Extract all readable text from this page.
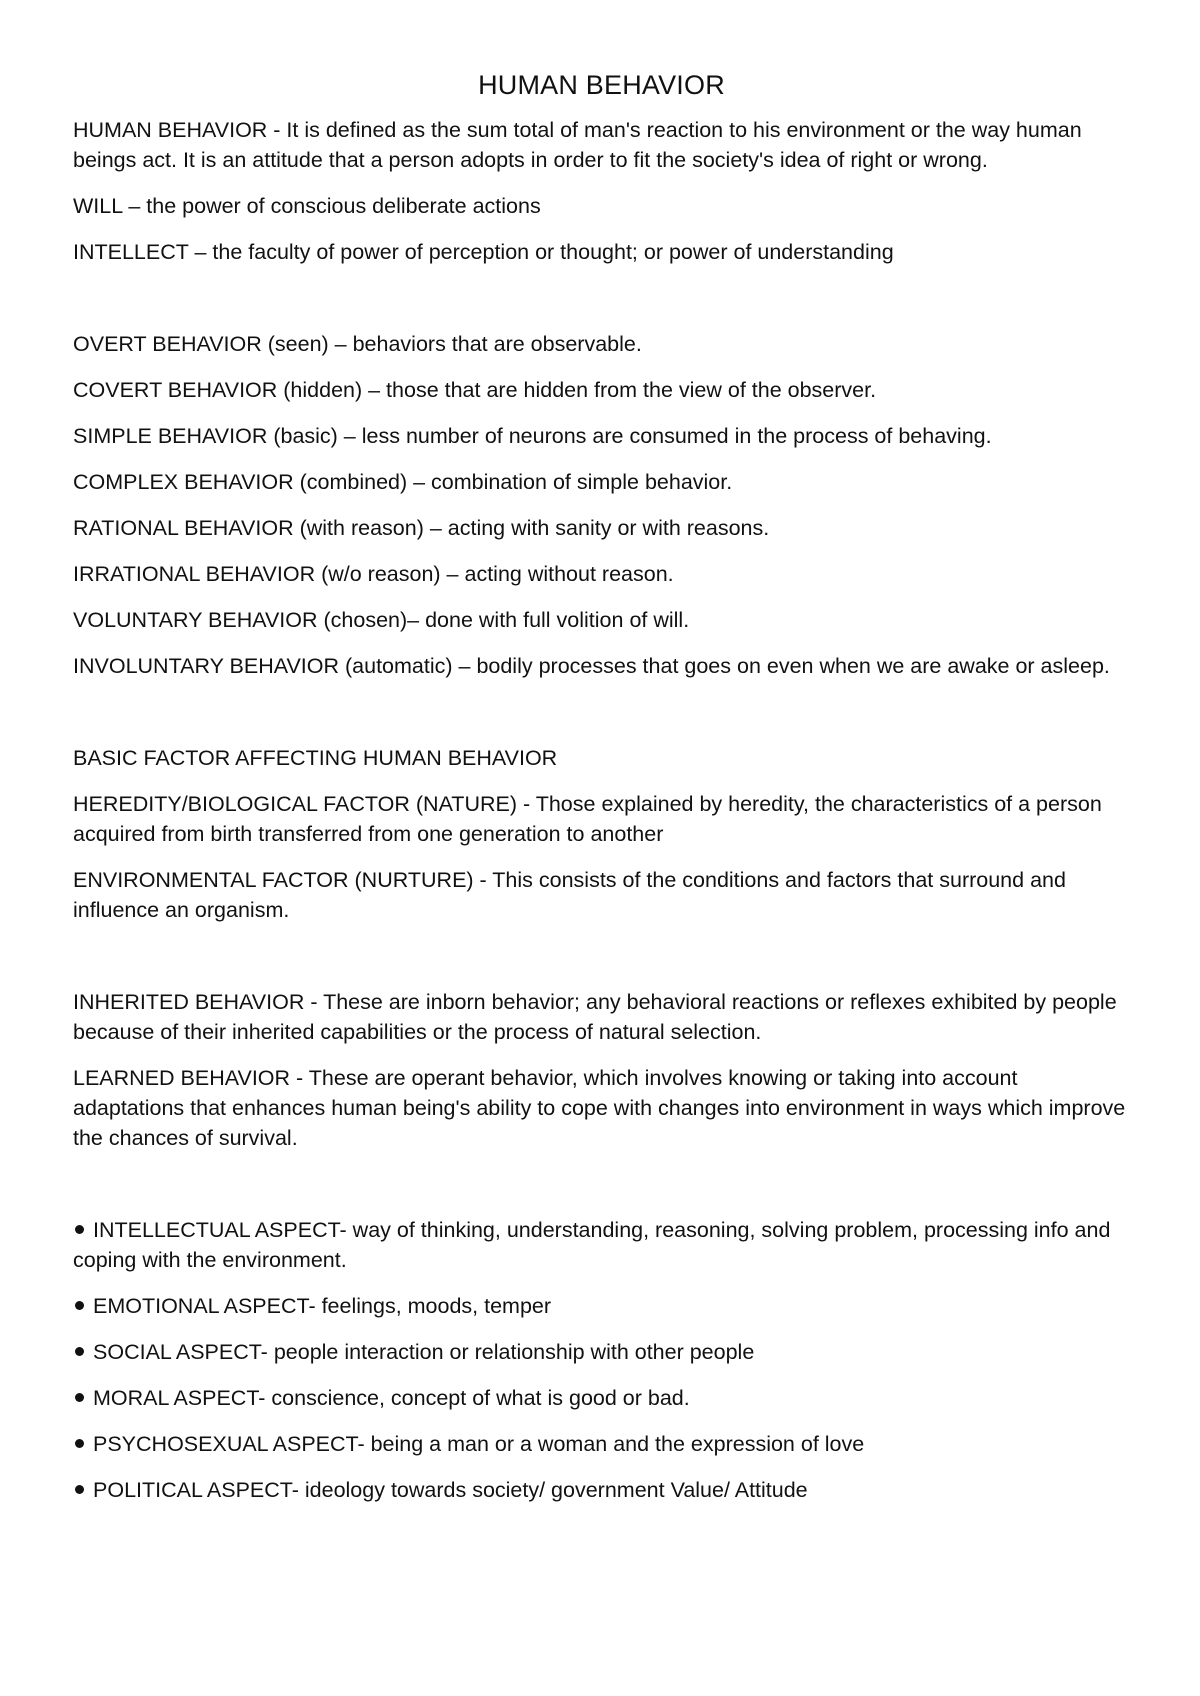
HUMAN BEHAVIOR

HUMAN BEHAVIOR - It is defined as the sum total of man's reaction to his environment or the way human beings act. It is an attitude that a person adopts in order to fit the society's idea of right or wrong.

WILL – the power of conscious deliberate actions

INTELLECT – the faculty of power of perception or thought; or power of understanding

OVERT BEHAVIOR (seen) – behaviors that are observable.

COVERT BEHAVIOR (hidden) – those that are hidden from the view of the observer.

SIMPLE BEHAVIOR (basic) – less number of neurons are consumed in the process of behaving.

COMPLEX BEHAVIOR (combined) – combination of simple behavior.

RATIONAL BEHAVIOR (with reason) – acting with sanity or with reasons.

IRRATIONAL BEHAVIOR (w/o reason) – acting without reason.

VOLUNTARY BEHAVIOR (chosen)– done with full volition of will.

INVOLUNTARY BEHAVIOR (automatic) – bodily processes that goes on even when we are awake or asleep.

BASIC FACTOR AFFECTING HUMAN BEHAVIOR

HEREDITY/BIOLOGICAL FACTOR (NATURE) - Those explained by heredity, the characteristics of a person acquired from birth transferred from one generation to another

ENVIRONMENTAL FACTOR (NURTURE) - This consists of the conditions and factors that surround and influence an organism.

INHERITED BEHAVIOR - These are inborn behavior; any behavioral reactions or reflexes exhibited by people because of their inherited capabilities or the process of natural selection.

LEARNED BEHAVIOR - These are operant behavior, which involves knowing or taking into account adaptations that enhances human being's ability to cope with changes into environment in ways which improve the chances of survival.

INTELLECTUAL ASPECT- way of thinking, understanding, reasoning, solving problem, processing info and coping with the environment.
EMOTIONAL ASPECT- feelings, moods, temper
SOCIAL ASPECT- people interaction or relationship with other people
MORAL ASPECT- conscience, concept of what is good or bad.
PSYCHOSEXUAL ASPECT- being a man or a woman and the expression of love
POLITICAL ASPECT- ideology towards society/ government Value/ Attitude
